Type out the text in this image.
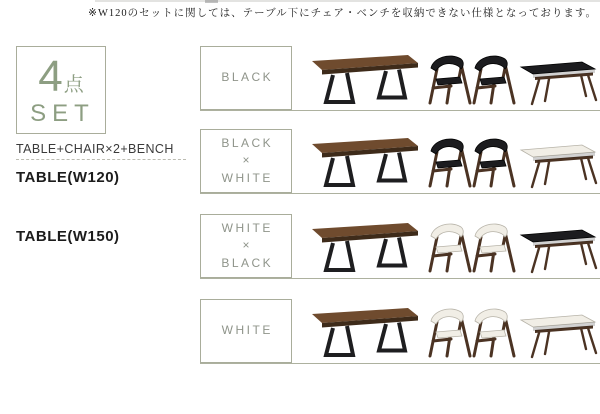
※W120のセットに関しては、テーブル下にチェア・ベンチを収納できない仕様となっております。
4 点
SET
TABLE+CHAIR×2+BENCH
TABLE(W120)
TABLE(W150)
BLACK
BLACK
×
WHITE
WHITE
×
BLACK
WHITE
